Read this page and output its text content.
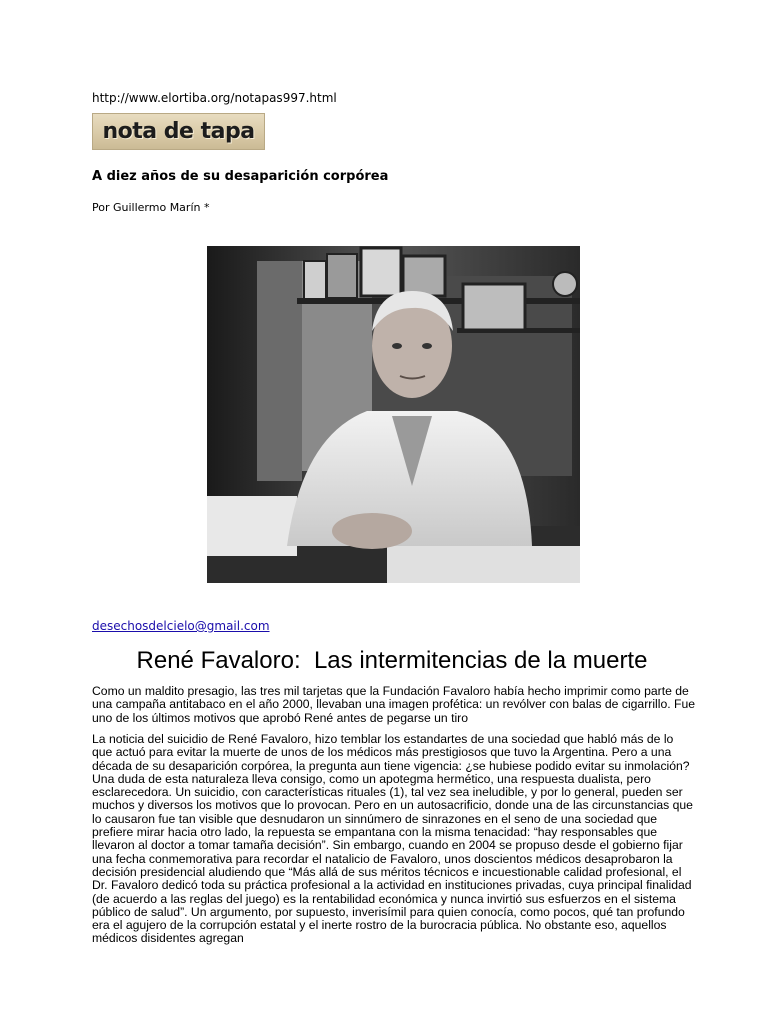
http://www.elortiba.org/notapas997.html
nota de tapa
A diez años de su desaparición corpórea
Por Guillermo Marín *
desechosdelcielo@gmail.com
René Favaloro:  Las intermitencias de la muerte

Como un maldito presagio, las tres mil tarjetas que la Fundación Favaloro había hecho imprimir como parte de una campaña antitabaco en el año 2000, llevaban una imagen profética: un revólver con balas de cigarrillo. Fue uno de los últimos motivos que aprobó René antes de pegarse un tiro

La noticia del suicidio de René Favaloro, hizo temblar los estandartes de una sociedad que habló más de lo que actuó para evitar la muerte de unos de los médicos más prestigiosos que tuvo la Argentina. Pero a una década de su desaparición corpórea, la pregunta aun tiene vigencia: ¿se hubiese podido evitar su inmolación? Una duda de esta naturaleza lleva consigo, como un apotegma hermético, una respuesta dualista, pero esclarecedora. Un suicidio, con características rituales (1), tal vez sea ineludible, y por lo general, pueden ser muchos y diversos los motivos que lo provocan. Pero en un autosacrificio, donde una de las circunstancias que lo causaron fue tan visible que desnudaron un sinnúmero de sinrazones en el seno de una sociedad que prefiere mirar hacia otro lado, la repuesta se empantana con la misma tenacidad: “hay responsables que llevaron al doctor a tomar tamaña decisión”. Sin embargo, cuando en 2004 se propuso desde el gobierno fijar una fecha conmemorativa para recordar el natalicio de Favaloro, unos doscientos médicos desaprobaron la decisión presidencial aludiendo que “Más allá de sus méritos técnicos e incuestionable calidad profesional, el Dr. Favaloro dedicó toda su práctica profesional a la actividad en instituciones privadas, cuya principal finalidad (de acuerdo a las reglas del juego) es la rentabilidad económica y nunca invirtió sus esfuerzos en el sistema público de salud”. Un argumento, por supuesto, inverisímil para quien conocía, como pocos, qué tan profundo era el agujero de la corrupción estatal y el inerte rostro de la burocracia pública. No obstante eso, aquellos médicos disidentes agregan
